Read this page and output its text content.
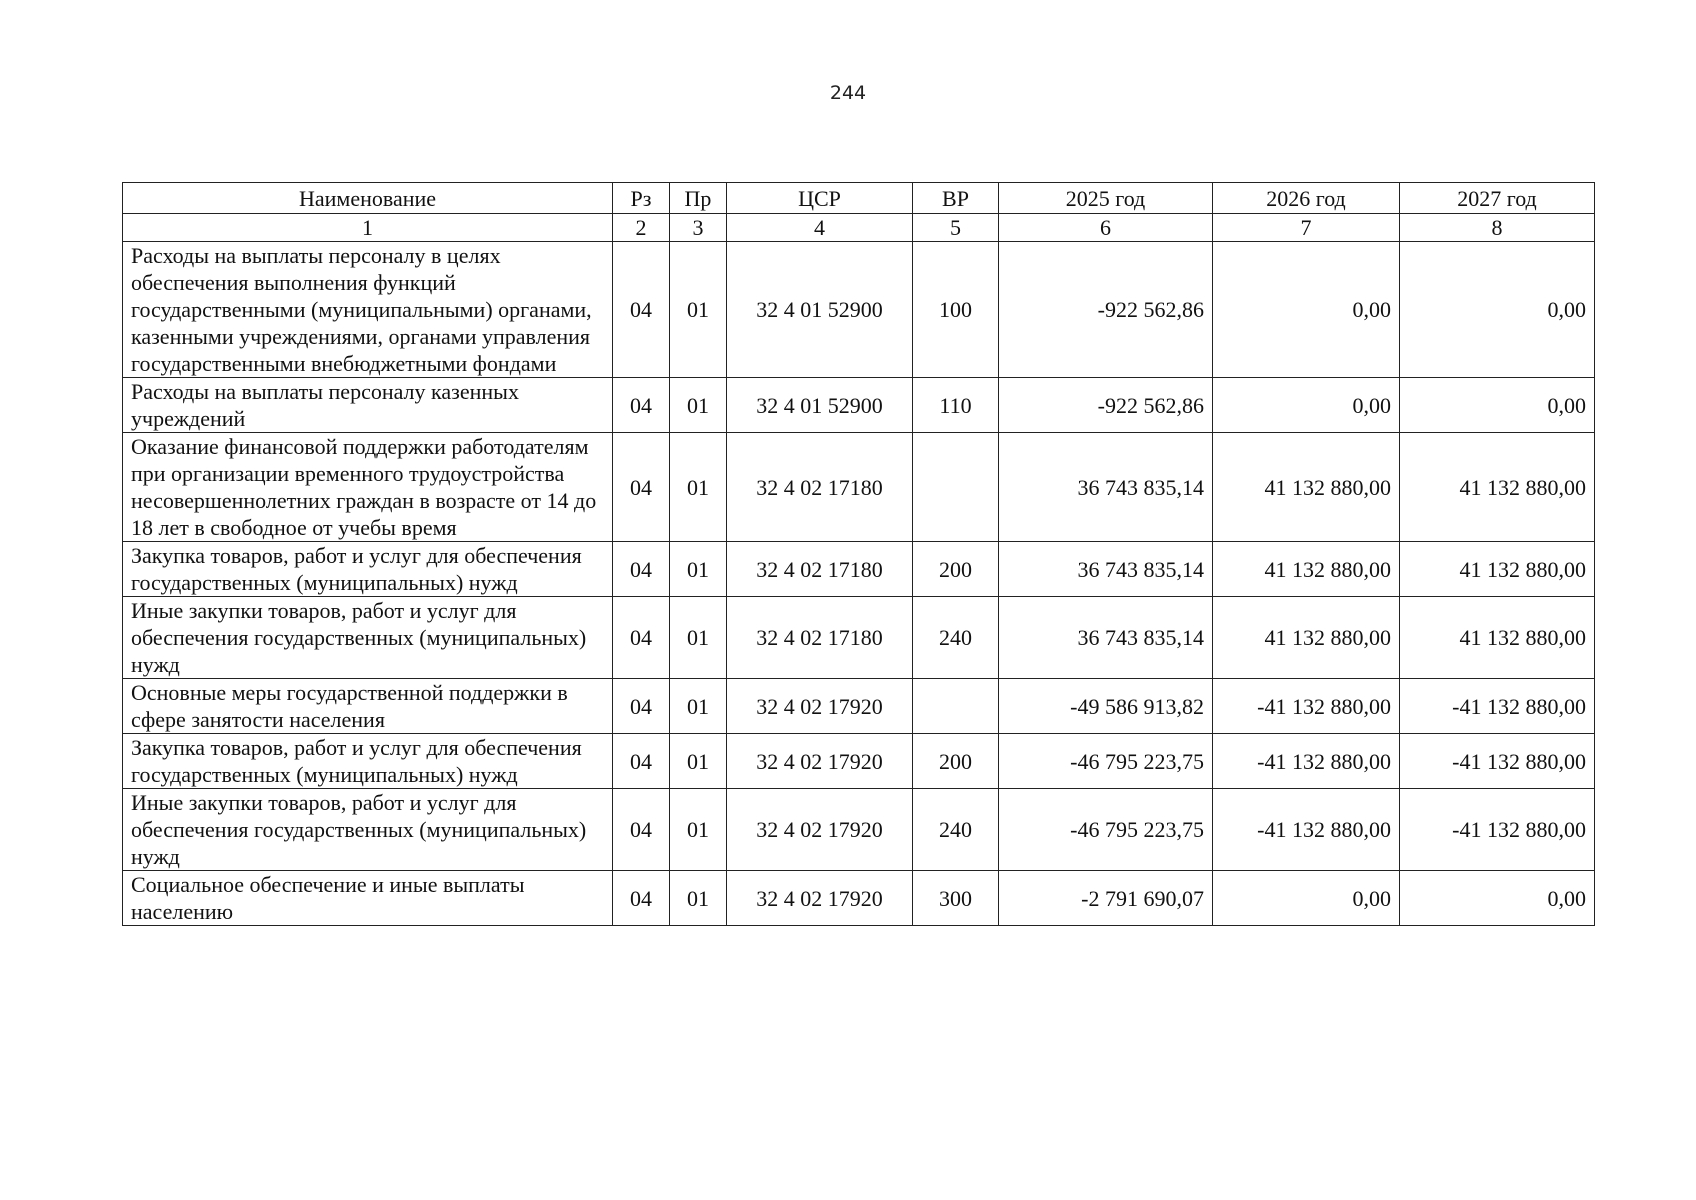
244
Наименование	Рз	Пр	ЦСР	ВР	2025 год	2026 год	2027 год
1	2	3	4	5	6	7	8
Расходы на выплаты персоналу в целях обеспечения выполнения функций государственными (муниципальными) органами, казенными учреждениями, органами управления государственными внебюджетными фондами	04	01	32 4 01 52900	100	-922 562,86	0,00	0,00
Расходы на выплаты персоналу казенных учреждений	04	01	32 4 01 52900	110	-922 562,86	0,00	0,00
Оказание финансовой поддержки работодателям при организации временного трудоустройства несовершеннолетних граждан в возрасте от 14 до 18 лет в свободное от учебы время	04	01	32 4 02 17180		36 743 835,14	41 132 880,00	41 132 880,00
Закупка товаров, работ и услуг для обеспечения государственных (муниципальных) нужд	04	01	32 4 02 17180	200	36 743 835,14	41 132 880,00	41 132 880,00
Иные закупки товаров, работ и услуг для обеспечения государственных (муниципальных) нужд	04	01	32 4 02 17180	240	36 743 835,14	41 132 880,00	41 132 880,00
Основные меры государственной поддержки в сфере занятости населения	04	01	32 4 02 17920		-49 586 913,82	-41 132 880,00	-41 132 880,00
Закупка товаров, работ и услуг для обеспечения государственных (муниципальных) нужд	04	01	32 4 02 17920	200	-46 795 223,75	-41 132 880,00	-41 132 880,00
Иные закупки товаров, работ и услуг для обеспечения государственных (муниципальных) нужд	04	01	32 4 02 17920	240	-46 795 223,75	-41 132 880,00	-41 132 880,00
Социальное обеспечение и иные выплаты населению	04	01	32 4 02 17920	300	-2 791 690,07	0,00	0,00
